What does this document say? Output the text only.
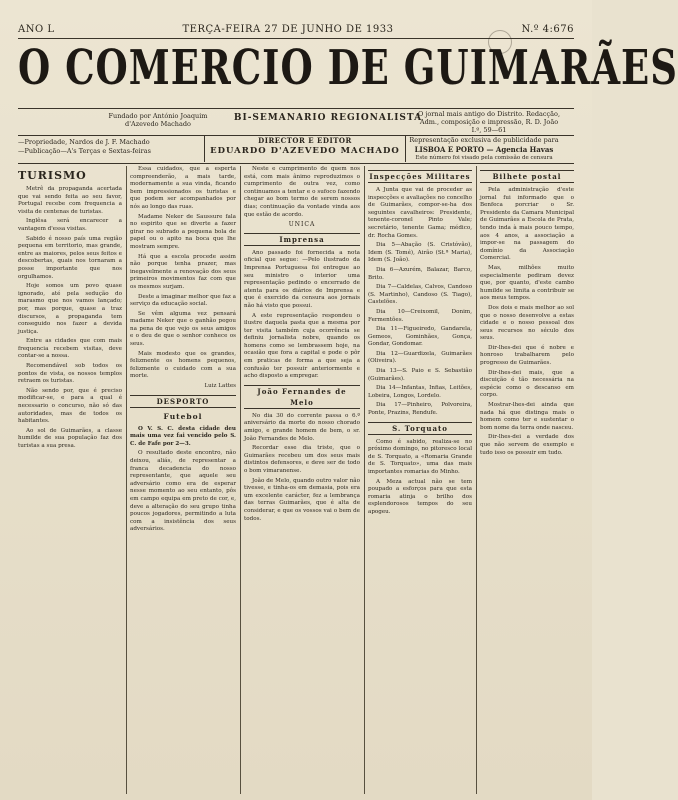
ANO L	TERÇA-FEIRA 27 DE JUNHO DE 1933	N.º 4:676
O COMERCIO DE GUIMARÃES
Fundado por António Joaquim d'Azevedo Machado
BI-SEMANARIO REGIONALISTA
O jornal mais antigo do Distrito. Redacção, Adm., composição e impressão, R. D. João I.º, 59—61
—Propriedade, Nardos de J. F. Machado
—Publicação—A's Terças e Sextas-feiras
DIRECTOR E EDITOR
EDUARDO D'AZEVEDO MACHADO
Representação exclusiva de publicidade para
LISBOA E PORTO — Agencia Havas
Este número foi visado pela comissão de censura
TURISMO

Metrê da propaganda acertada que vai sendo feita ao seu favor, Portugal recebe com frequencia a visita de centenas de turistas.

Inglêsa será encarecer a vantagem d'essa visitas.

Sabido é nosso país uma região pequena em territorio, mas grande, entre as maiores, pelos seus feitos e descobertas, quais nos tornaram a posse importante que nos orgulhamos.

Hoje somos um povo quase ignorado, até pela sedução do marasmo que nos vamos lançado; por, mas porque, quase a traz discursos, a propaganda tem conseguido nos fazer a devida justiça.

Entre as cidades que com mais frequencia recebem visitas, deve contar-se a nossa.

Recomendável sob todos os pontos de vista, os nossos templos retraem os turistas.

Não sendo por, que é preciso modificar-se, e para a qual é necessario o concurso, não só das autoridades, mas de todos os habitantes.

Ao sol de Guimarães, a classe humilde de sua população faz dos turistas a sua presa.

Essa cuidados, que a esperta compreenderão, a mais tarde, modernamente a sua vinda, ficando bem impressionados os turistas e que podem ser acompanhados por nós ao longo das ruas.

Madame Neker de Saussure fala no espirito que se diverte a fazer girar no subrado a pequena bola de papel ou o apito na boca que lhe mostram sempre.

Há que a escola procede assim não porque tenha prazer, mas inegavelmente a renovação dos seus primeiros movimentos faz com que os mesmos surjam.

Deste a imaginar melhor que faz a serviço da educação social.

Se vêm alguma vez pensará madame Neker que o ganhão pegou na pena de que vejo os seus amigos e o deu de que o senhor conhece os seus.

Mais modesto que os grandes, felizmente os homens pequenos, felizmente o cuidado com a sua morte.

Luiz Lattes
DESPORTO
Futebol

O V. S. C. desta cidade deu mais uma vez fai vencido pelo S. C. de Fafe por 2—3.

O resultado deste encontro, não deixou, aliás, de representar a franca decadencia do nosso representante, que aquele seu adversário como era de esperar nesse momento ao seu entanto, pôs em campo equipa em preto de cor, e, deve a alteração do seu grupo tinha poucos jogadores, permitindo a luta com a insistência dos seus adversários.

Neste e cumprimento de quem nos está, com mais ânimo reproduzimos o cumprimento de outra vez, como continuamos a tentar e o sufoco fazendo chegar ao bom termo de serem nossos dias; continuação da vontade vinda aos que estão de acordo.

UNICA
Imprensa

Ano passado foi fornecida a nota oficial que segue: —Pelo ilustrado da Imprensa Portuguesa foi entregue ao seu ministro o interior uma representação pedindo o encerrado de atenta para os diários de Imprensa e que é exercido da censura aos jornais não há visto que possui.

A este representação respondeu o ilustre daquela pasta que a mesma por ter visita também cuja ocorrência se definiu jornalista nobre, quando os homens como se lembrassem hoje, na ocasião que fora a capital e pode o pôr em praticas de forma a que seja a confusão ter possuir anteriormente e acho disposto a empregar.

João Fernandes de Melo

No dia 30 do corrente passa o 6.º aniversário da morte do nosso chorado amigo, e grande homem de bem, o sr. João Fernandes de Melo.

Recordar esse dia triste, que o Guimarães recebeu um dos seus mais distintos defensores, e deve ser de todo o bom vimaranense.

João de Melo, quando outro valor não tivesse, e tinha-os em demasia, pois era um excelente carácter, fez a lembrança das terras Guimarães, que é alta de considerar, e que os vossos vai o bem de todos.

Inspecções Militares

A Junta que vai de proceder as inspecções e avaliações no concelho de Guimarães, compor-se-ha dos seguintes cavalheiros: Presidente, tenente-coronel Pinto Vale; secretário, tenente Gama; médico, dr. Rocha Gomes.

Dia 5—Abação (S. Cristóvão), Idem (S. Tomé), Airão (St.ª Maria), Idem (S. João).

Dia 6—Azurém, Balazar, Barco, Brito.

Dia 7—Caldelas, Calvos, Candoso (S. Martinho), Candoso (S. Tiago), Castelões.

Dia 10—Creixomil, Donim, Fermentões.

Dia 11—Figueiredo, Gandarela, Gemeos, Gominhães, Gonça, Gondar, Gondomar.

Dia 12—Guardizela, Guimarães (Oliveira).

Dia 13—S. Paio e S. Sebastião (Guimarães).

Dia 14—Infantas, Infias, Leitões, Lobeira, Longos, Lordelo.

Dia 17—Pinheiro, Polvoreira, Ponte, Prazins, Rendufe.

S. Torquato

Como é sabido, realiza-se no próximo domingo, no pitoresco local de S. Torquato, a «Romaria Grande de S. Torquato», uma das mais importantes romarias do Minho.

A Meza actual não se tem poupado a esforços para que esta romaria atinja o brilho dos esplendorosos tempos do seu apogeu.

Bilhete postal

Pela administração d'este jornal fui informado que o Benfeca porcriar o Sr. Presidente da Camara Municipal de Guimarães a Escola de Prata, tendo inda à mais pouco tempo, aos 4 anos, a associação a impor-se na passagem do domínio da Associação Comercial.

Mas, milhões muito especialmente pediram devez que, por quanto, d'este cambo humilde se limita a contribuir se aos meus tempos.

Dos dois e mais melhor ao sol que o nosso desenvolve a estas cidade e o nosso pessoal dos seus recursos no século dos seus.

Dir-lhes-dei que é nobre e honroso trabalharem pelo progresso de Guimarães.

Dir-lhes-dei mais, que a discuição é tão necessária na espécie como o descanso em corpo.

Mostrar-lhes-dei ainda que nada há que distinga mais o homem como ter e sustentar o bom nome da terra onde nasceu.

Dir-lhes-dei a verdade dos que não servem de exemplo e tudo isso os possuir em tudo.
